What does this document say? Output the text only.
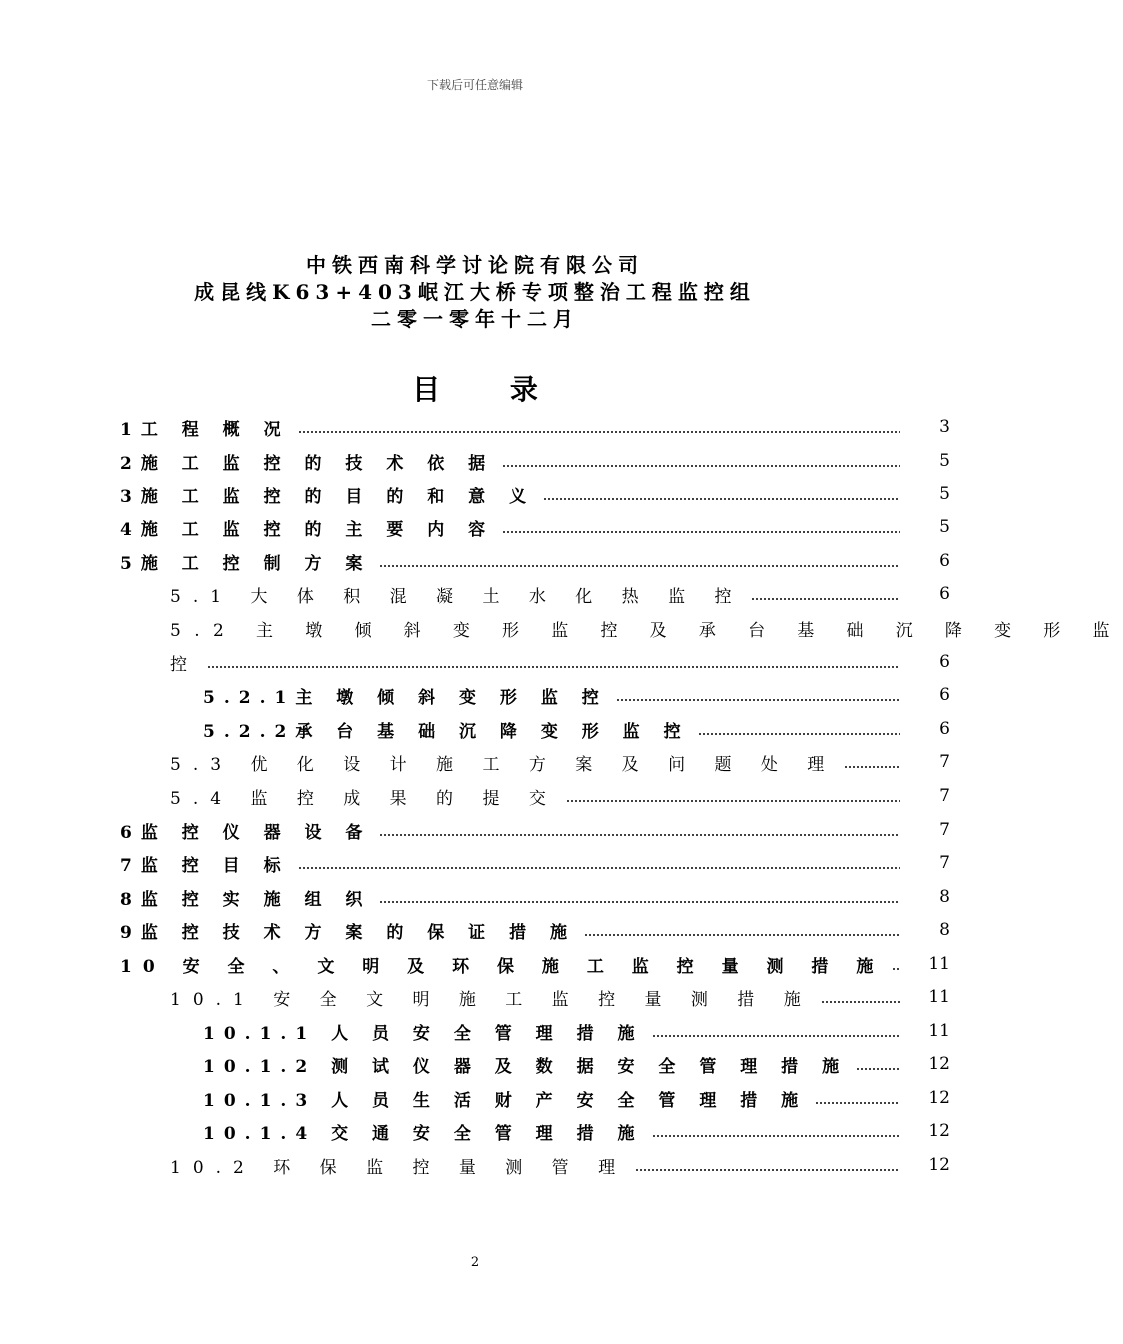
下载后可任意编辑
中铁西南科学讨论院有限公司
成昆线K63+403岷江大桥专项整治工程监控组
二零一零年十二月
目 录
1工 程 概 况	3
2施 工 监 控 的 技 术 依 据	5
3施 工 监 控 的 目 的 和 意 义	5
4施 工 监 控 的 主 要 内 容	5
5施 工 控 制 方 案	6
5.1 大 体 积 混 凝 土 水 化 热 监 控	6
5.2 主 墩 倾 斜 变 形 监 控 及 承 台 基 础 沉 降 变 形 监
控	6
5.2.1主 墩 倾 斜 变 形 监 控	6
5.2.2承 台 基 础 沉 降 变 形 监 控	6
5.3 优 化 设 计 施 工 方 案 及 问 题 处 理	7
5.4 监 控 成 果 的 提 交	7
6监 控 仪 器 设 备	7
7监 控 目 标	7
8监 控 实 施 组 织	8
9监 控 技 术 方 案 的 保 证 措 施	8
10 安 全 、 文 明 及 环 保 施 工 监 控 量 测 措 施	11
10.1 安 全 文 明 施 工 监 控 量 测 措 施	11
10.1.1 人 员 安 全 管 理 措 施	11
10.1.2 测 试 仪 器 及 数 据 安 全 管 理 措 施	12
10.1.3 人 员 生 活 财 产 安 全 管 理 措 施	12
10.1.4 交 通 安 全 管 理 措 施	12
10.2 环 保 监 控 量 测 管 理	12
2
